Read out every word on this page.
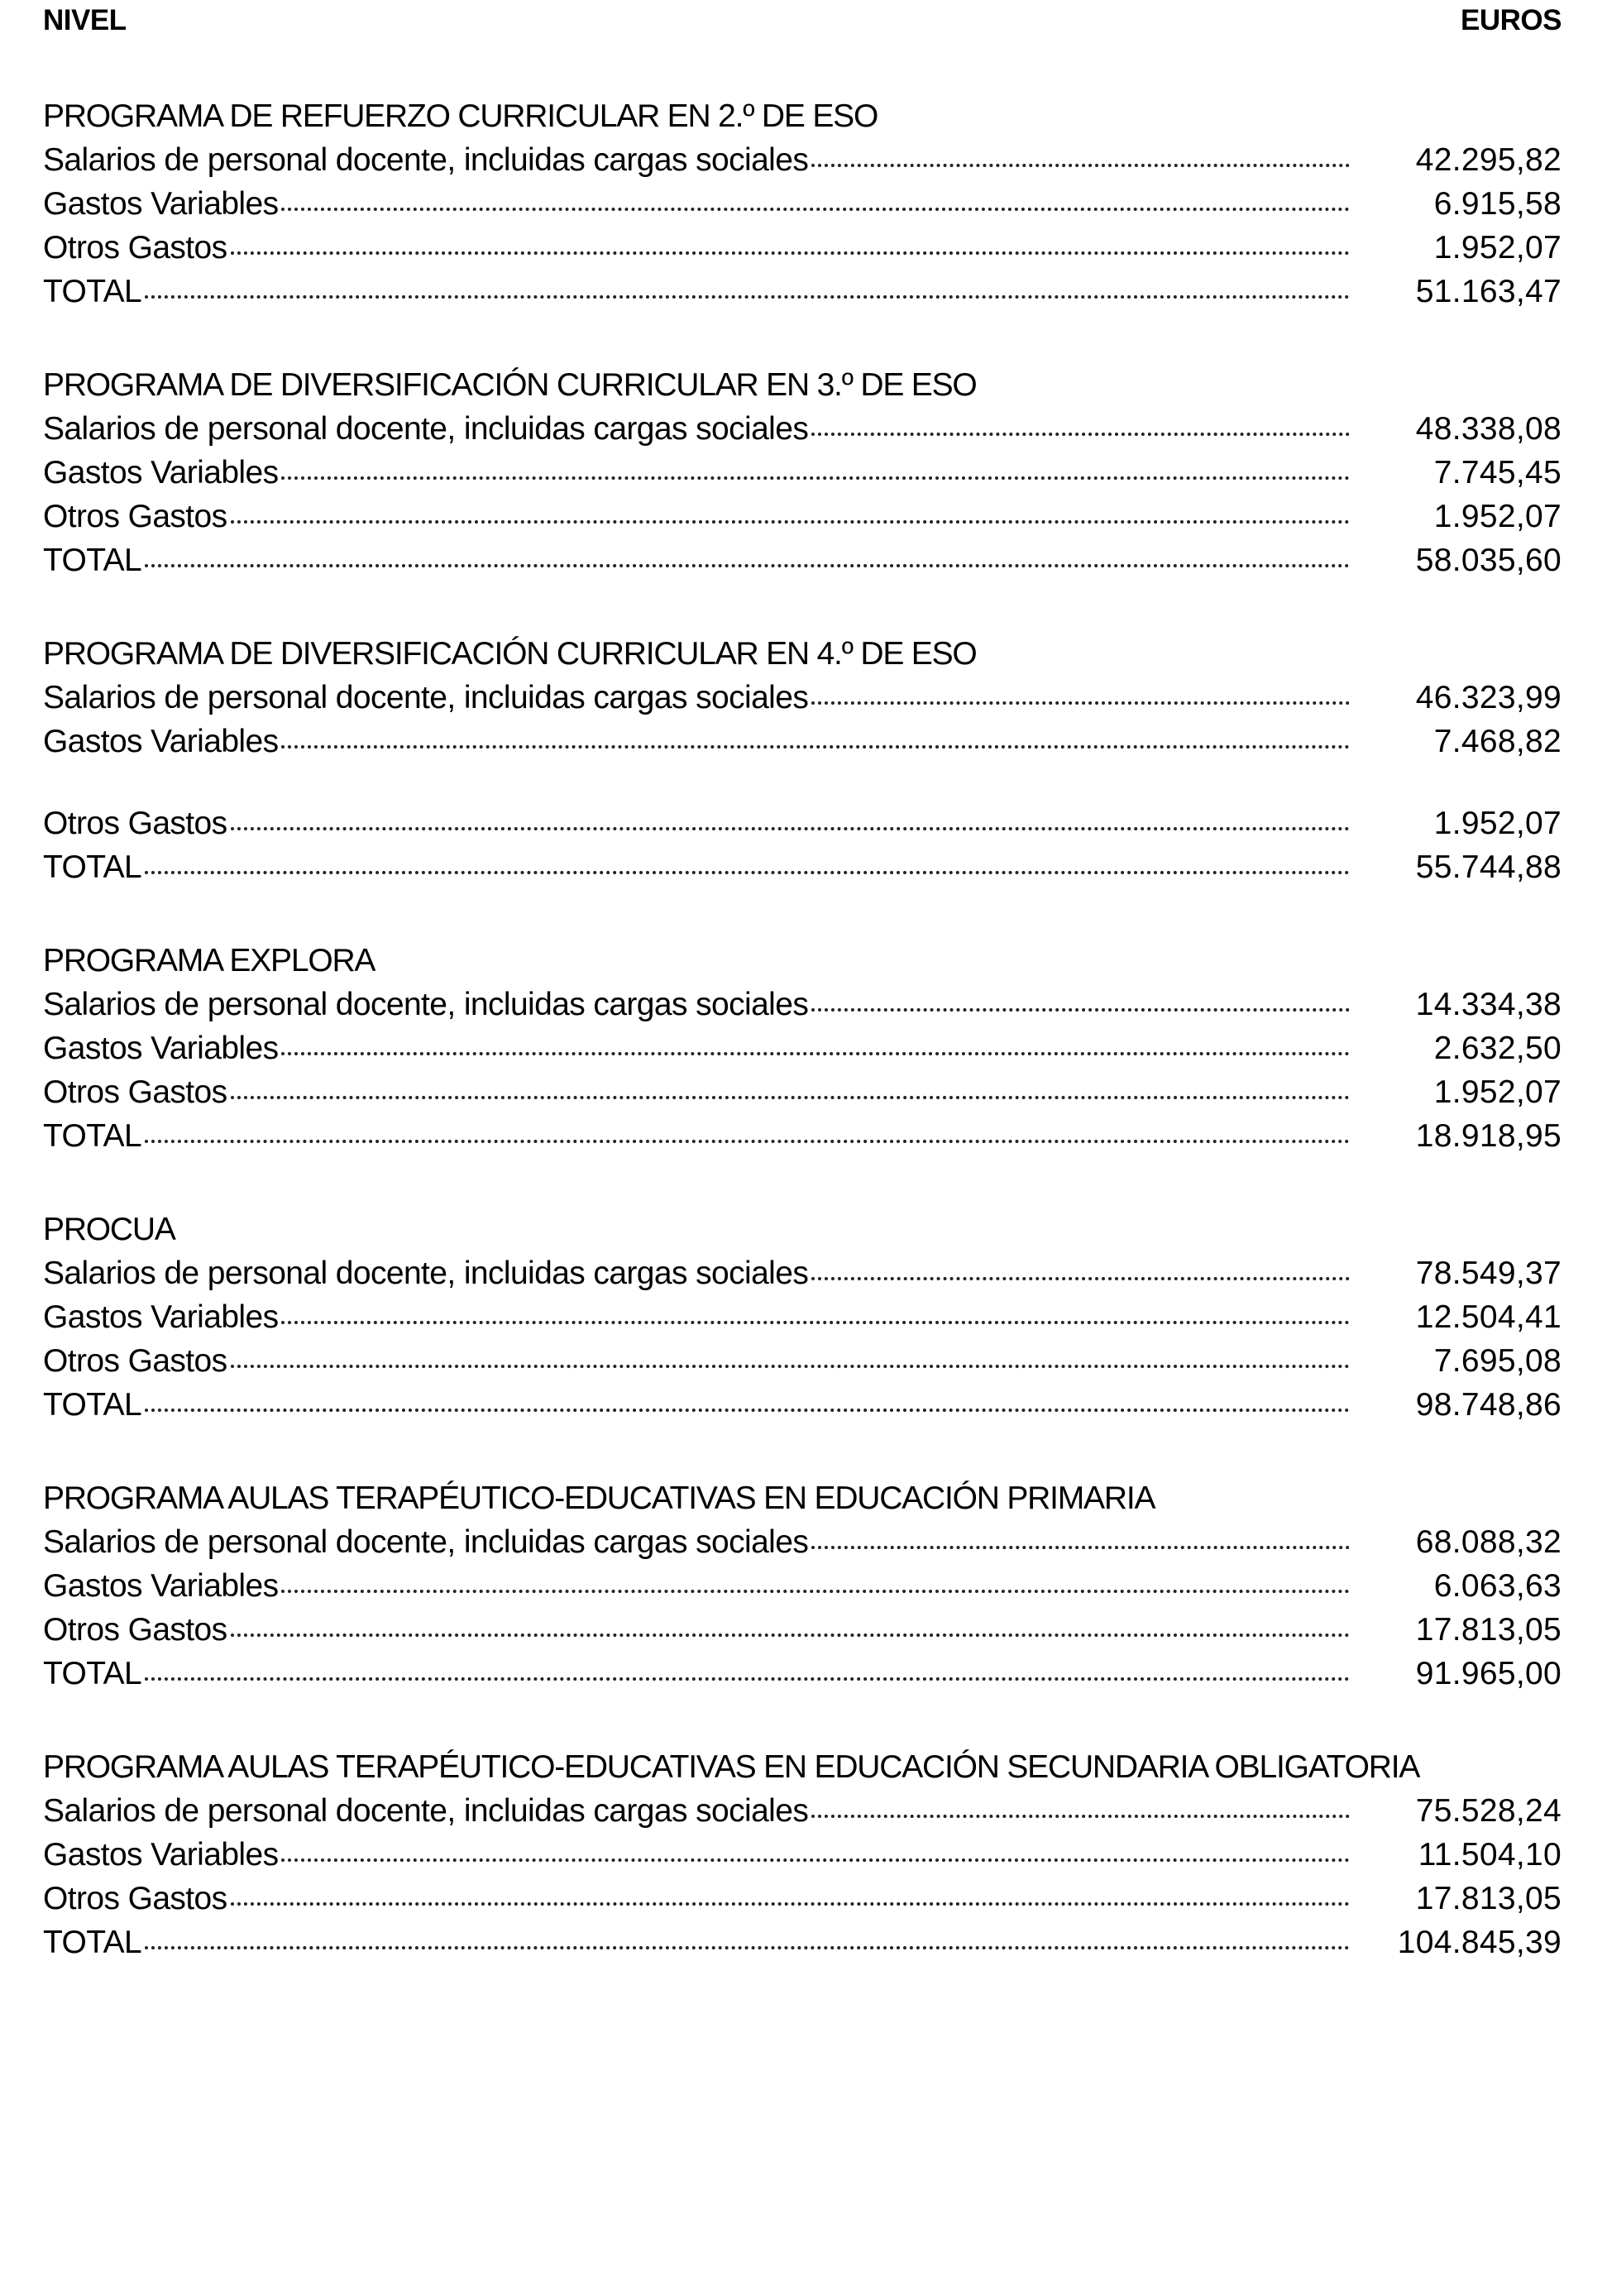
NIVEL	EUROS
PROGRAMA DE REFUERZO CURRICULAR EN 2.º DE ESO
Salarios de personal docente, incluidas cargas sociales	42.295,82
Gastos Variables	6.915,58
Otros Gastos	1.952,07
TOTAL	51.163,47
PROGRAMA DE DIVERSIFICACIÓN CURRICULAR EN 3.º DE ESO
Salarios de personal docente, incluidas cargas sociales	48.338,08
Gastos Variables	7.745,45
Otros Gastos	1.952,07
TOTAL	58.035,60
PROGRAMA DE DIVERSIFICACIÓN CURRICULAR EN 4.º DE ESO
Salarios de personal docente, incluidas cargas sociales	46.323,99
Gastos Variables	7.468,82
Otros Gastos	1.952,07
TOTAL	55.744,88
PROGRAMA EXPLORA
Salarios de personal docente, incluidas cargas sociales	14.334,38
Gastos Variables	2.632,50
Otros Gastos	1.952,07
TOTAL	18.918,95
PROCUA
Salarios de personal docente, incluidas cargas sociales	78.549,37
Gastos Variables	12.504,41
Otros Gastos	7.695,08
TOTAL	98.748,86
PROGRAMA AULAS TERAPÉUTICO-EDUCATIVAS EN EDUCACIÓN PRIMARIA
Salarios de personal docente, incluidas cargas sociales	68.088,32
Gastos Variables	6.063,63
Otros Gastos	17.813,05
TOTAL	91.965,00
PROGRAMA AULAS TERAPÉUTICO-EDUCATIVAS EN EDUCACIÓN SECUNDARIA OBLIGATORIA
Salarios de personal docente, incluidas cargas sociales	75.528,24
Gastos Variables	11.504,10
Otros Gastos	17.813,05
TOTAL	104.845,39
